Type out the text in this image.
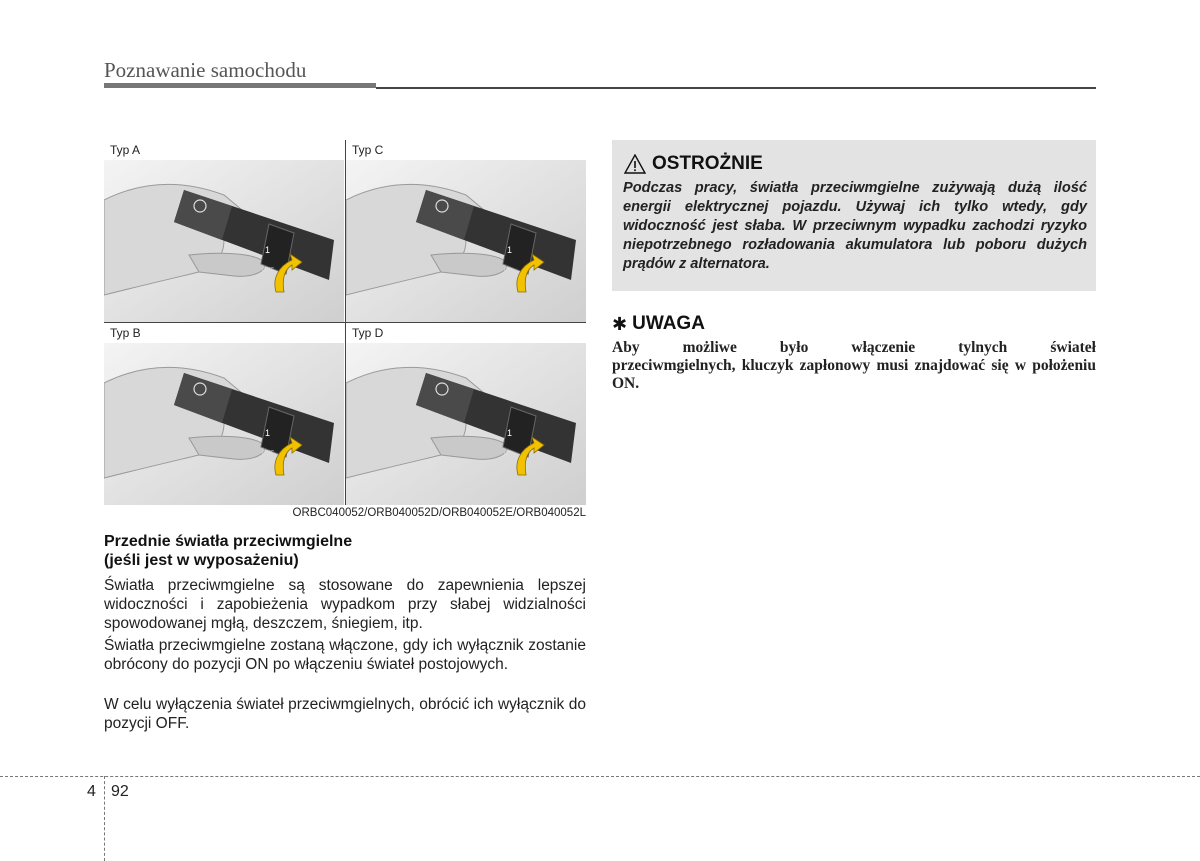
Poznawanie samochodu
Typ A
1
OFF
Typ C
1
O
Typ B
1
OFF
Typ D
1
O
ORBC040052/ORB040052D/ORB040052E/ORB040052L
Przednie światła przeciwmgielne
(jeśli jest w wyposażeniu)
Światła przeciwmgielne są stosowane do zapewnienia lepszej widoczności i zapobieżenia wypadkom przy słabej widzialności spowodowanej mgłą, deszczem, śniegiem, itp.
Światła przeciwmgielne zostaną włączone, gdy ich wyłącznik zostanie obrócony do pozycji ON po włączeniu świateł postojowych.
W celu wyłączenia świateł przeciwmgielnych, obrócić ich wyłącznik do pozycji OFF.
OSTROŻNIE
Podczas pracy, światła przeciwmgielne zużywają dużą ilość energii elektrycznej pojazdu. Używaj ich tylko wtedy, gdy widoczność jest słaba. W przeciwnym wypadku zachodzi ryzyko niepotrzebnego rozładowania akumulatora lub poboru dużych prądów z alternatora.
✱ UWAGA
Aby możliwe było włączenie tylnych świateł
przeciwmgielnych, kluczyk zapłonowy musi znajdować się w położeniu ON.
4 92
